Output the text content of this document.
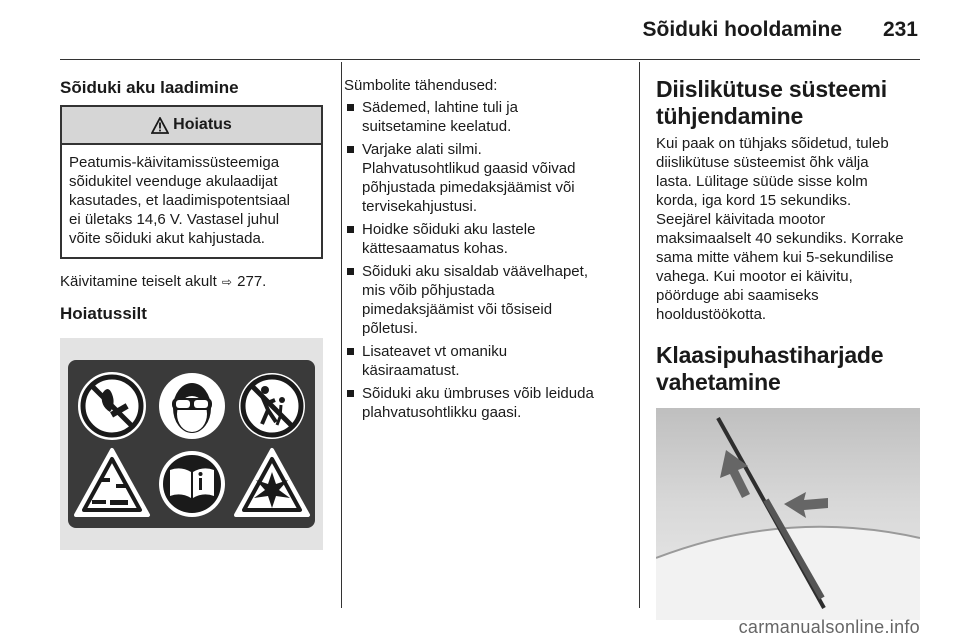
Sõiduki hooldamine 231
Sõiduki aku laadimine
Hoiatus
Peatumis-käivitamissüsteemiga
sõidukitel veenduge akulaadijat
kasutades, et laadimispotentsiaal
ei ületaks 14,6 V. Vastasel juhul
võite sõiduki akut kahjustada.
Käivitamine teiselt akult ⇨ 277.
Hoiatussilt
Sümbolite tähendused:
Sädemed, lahtine tuli ja
suitsetamine keelatud.
Varjake alati silmi.
Plahvatusohtlikud gaasid võivad
põhjustada pimedaksjäämist või
tervisekahjustusi.
Hoidke sõiduki aku lastele
kättesaamatus kohas.
Sõiduki aku sisaldab väävelhapet,
mis võib põhjustada
pimedaksjäämist või tõsiseid
põletusi.
Lisateavet vt omaniku
käsiraamatust.
Sõiduki aku ümbruses võib leiduda
plahvatusohtlikku gaasi.
Diislikütuse süsteemi
tühjendamine
Kui paak on tühjaks sõidetud, tuleb
diislikütuse süsteemist õhk välja
lasta. Lülitage süüde sisse kolm
korda, iga kord 15 sekundiks.
Seejärel käivitada mootor
maksimaalselt 40 sekundiks. Korrake
sama mitte vähem kui 5-sekundilise
vahega. Kui mootor ei käivitu,
pöörduge abi saamiseks
hooldustöökotta.
Klaasipuhastiharjade
vahetamine
carmanualsonline.info
